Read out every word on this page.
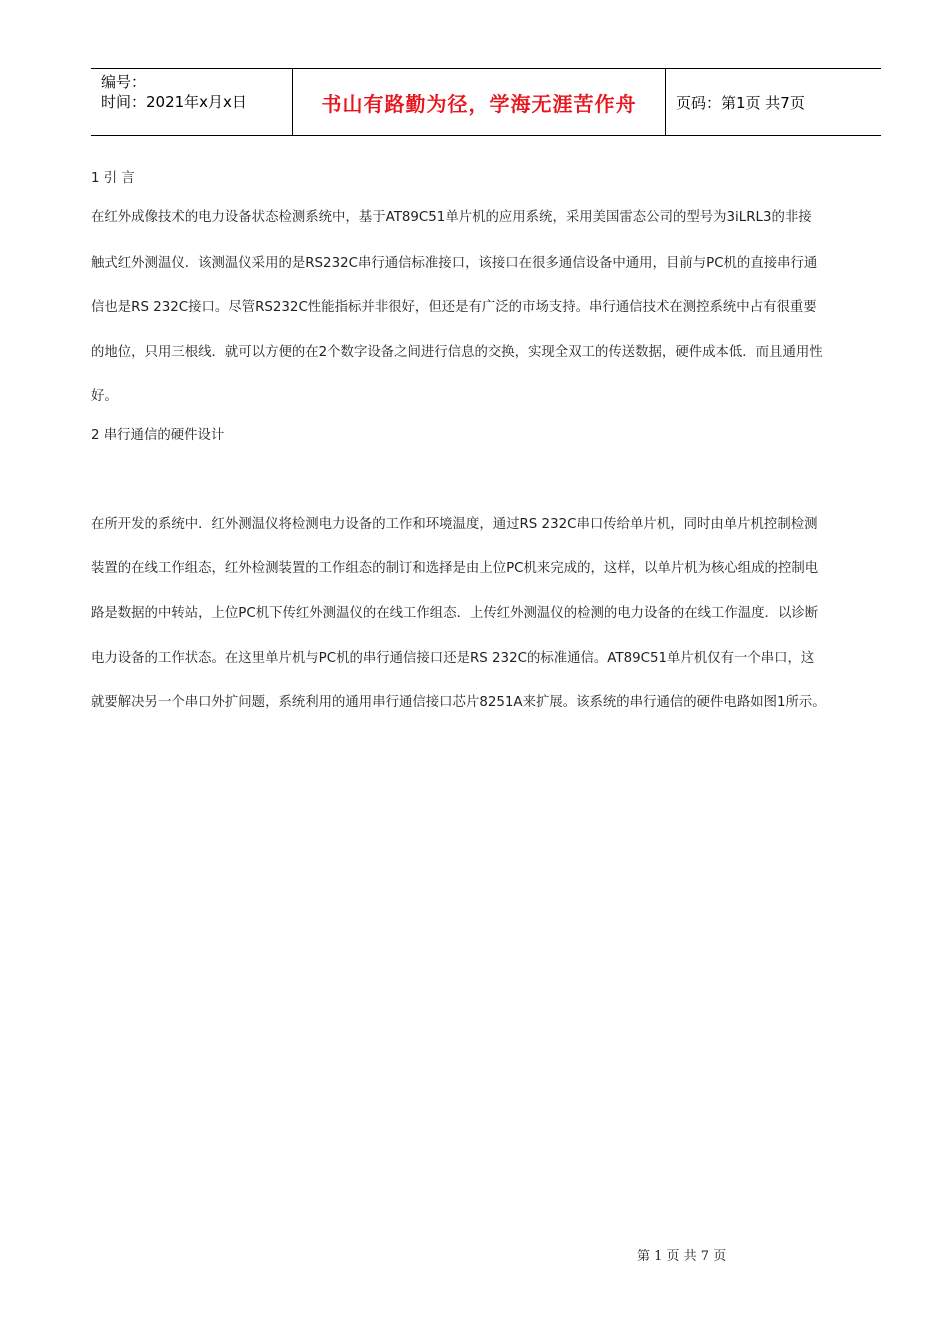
编号：
时间：2021年x月x日	书山有路勤为径，学海无涯苦作舟	页码：第1页 共7页
1 引 言
在红外成像技术的电力设备状态检测系统中，基于AT89C51单片机的应用系统，采用美国雷态公司的型号为3iLRL3的非接
触式红外测温仪．该测温仪采用的是RS232C串行通信标准接口，该接口在很多通信设备中通用，目前与PC机的直接串行通
信也是RS 232C接口。尽管RS232C性能指标并非很好，但还是有广泛的市场支持。串行通信技术在测控系统中占有很重要
的地位，只用三根线．就可以方便的在2个数字设备之间进行信息的交换，实现全双工的传送数据，硬件成本低．而且通用性
好。
2 串行通信的硬件设计
在所开发的系统中．红外测温仪将检测电力设备的工作和环境温度，通过RS 232C串口传给单片机，同时由单片机控制检测
装置的在线工作组态，红外检测装置的工作组态的制订和选择是由上位PC机来完成的，这样，以单片机为核心组成的控制电
路是数据的中转站，上位PC机下传红外测温仪的在线工作组态．上传红外测温仪的检测的电力设备的在线工作温度．以诊断
电力设备的工作状态。在这里单片机与PC机的串行通信接口还是RS 232C的标准通信。AT89C51单片机仅有一个串口，这
就要解决另一个串口外扩问题，系统利用的通用串行通信接口芯片8251A来扩展。该系统的串行通信的硬件电路如图1所示。
第 1 页 共 7 页
